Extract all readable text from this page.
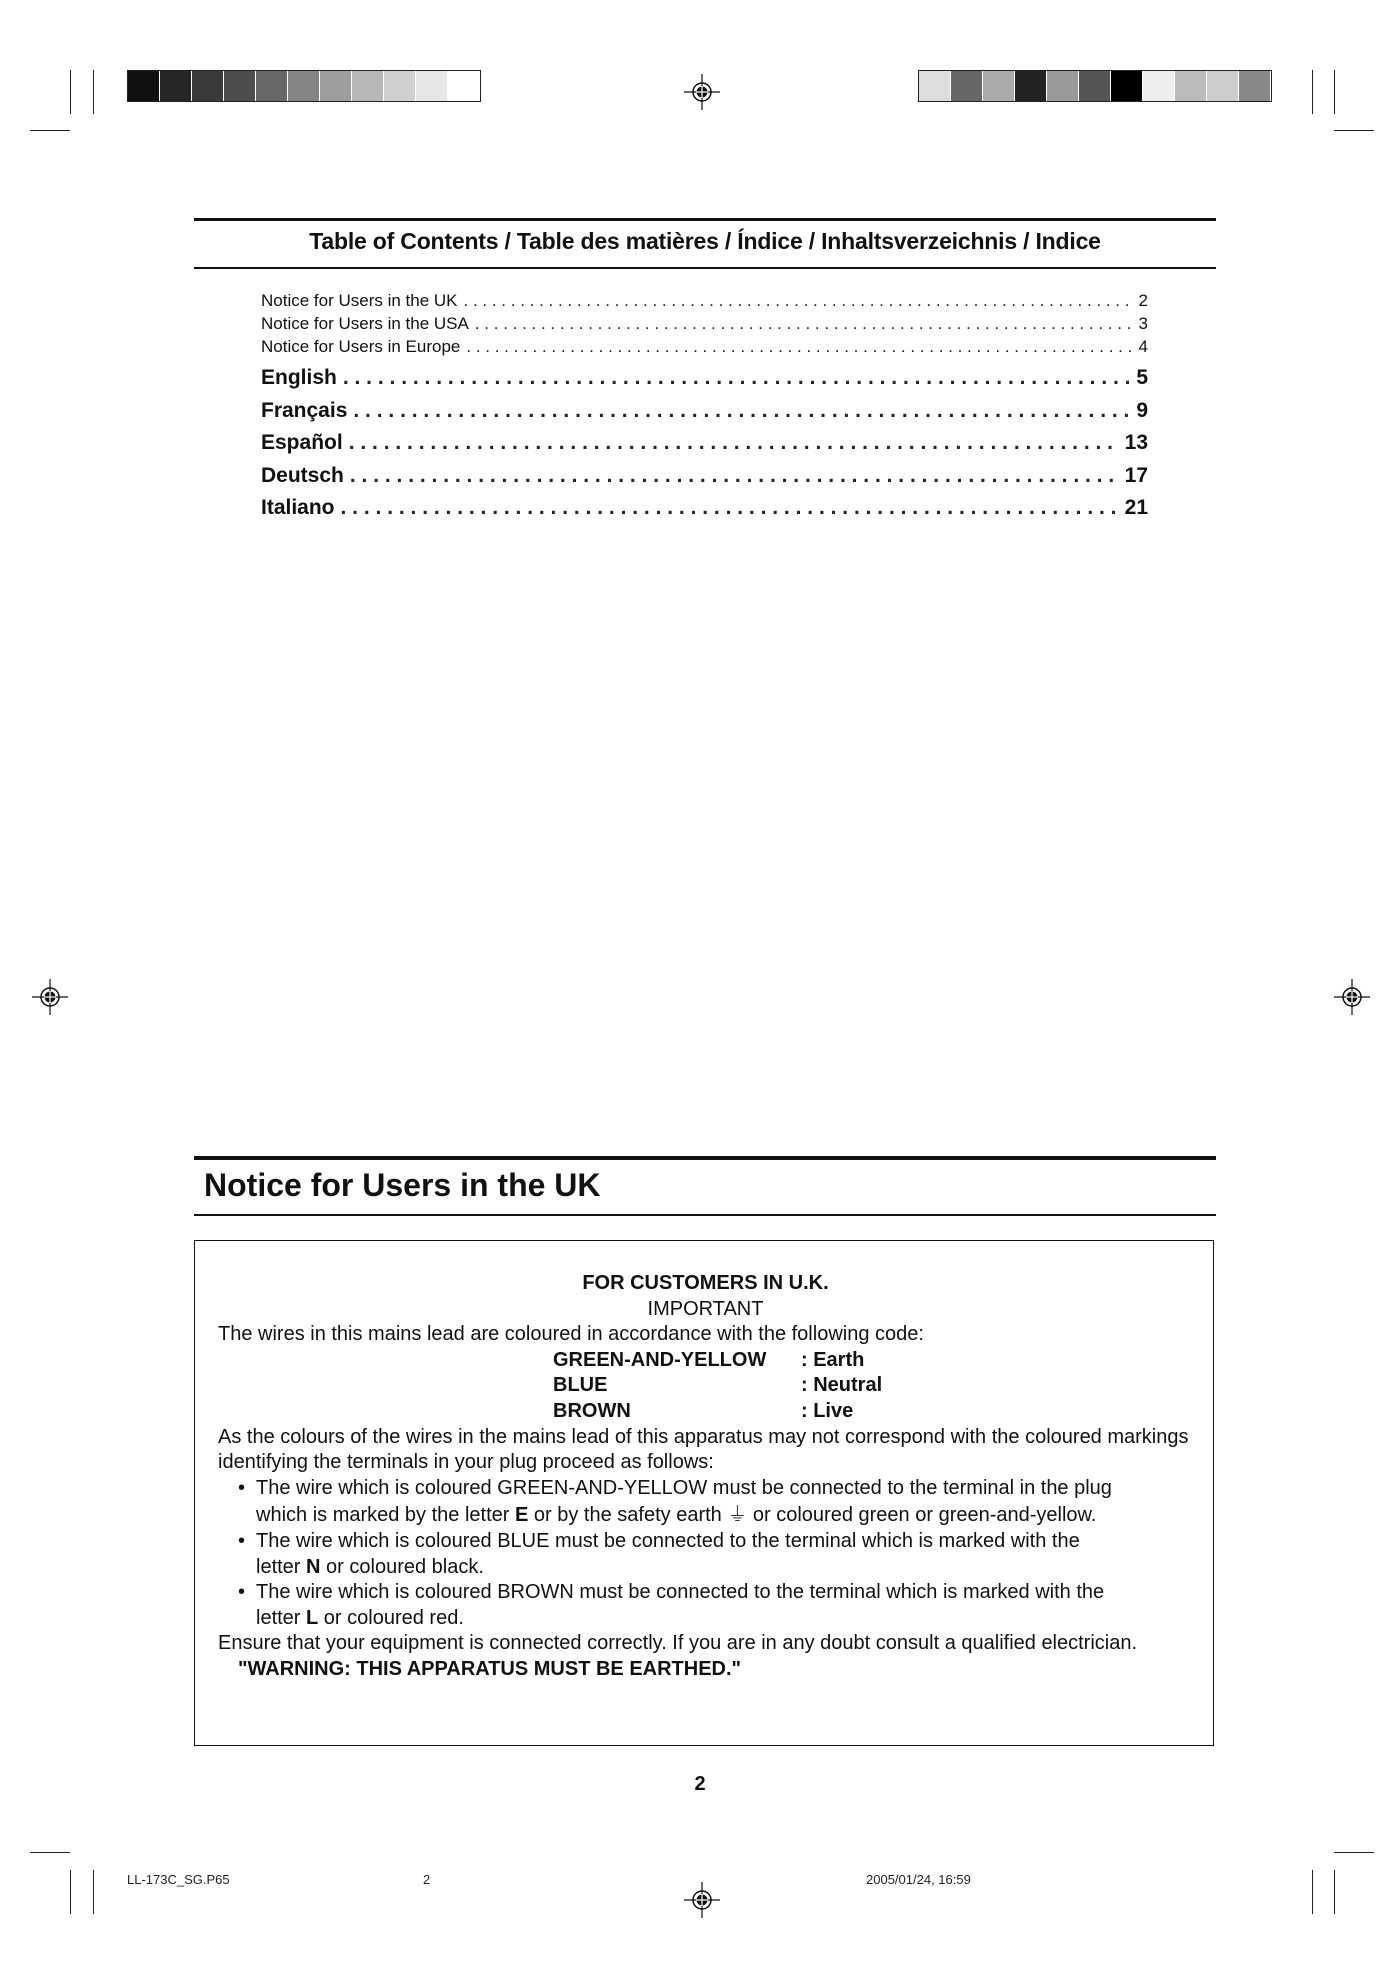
Table of Contents / Table des matières / Índice / Inhaltsverzeichnis / Indice
Notice for Users in the UK . . .	2
Notice for Users in the USA . . .	3
Notice for Users in Europe . . .	4
English . . .	5
Français . . .	9
Español . . .	13
Deutsch . . .	17
Italiano . . .	21
Notice for Users in the UK
FOR CUSTOMERS IN U.K.
IMPORTANT
The wires in this mains lead are coloured in accordance with the following code:
GREEN-AND-YELLOW	: Earth
BLUE	: Neutral
BROWN	: Live
As the colours of the wires in the mains lead of this apparatus may not correspond with the coloured markings identifying the terminals in your plug proceed as follows:
• The wire which is coloured GREEN-AND-YELLOW must be connected to the terminal in the plug
which is marked by the letter E or by the safety earth ⏚ or coloured green or green-and-yellow.
• The wire which is coloured BLUE must be connected to the terminal which is marked with the
letter N or coloured black.
• The wire which is coloured BROWN must be connected to the terminal which is marked with the
letter L or coloured red.
Ensure that your equipment is connected correctly. If you are in any doubt consult a qualified electrician.
"WARNING: THIS APPARATUS MUST BE EARTHED."
2
LL-173C_SG.P65	2	2005/01/24, 16:59
